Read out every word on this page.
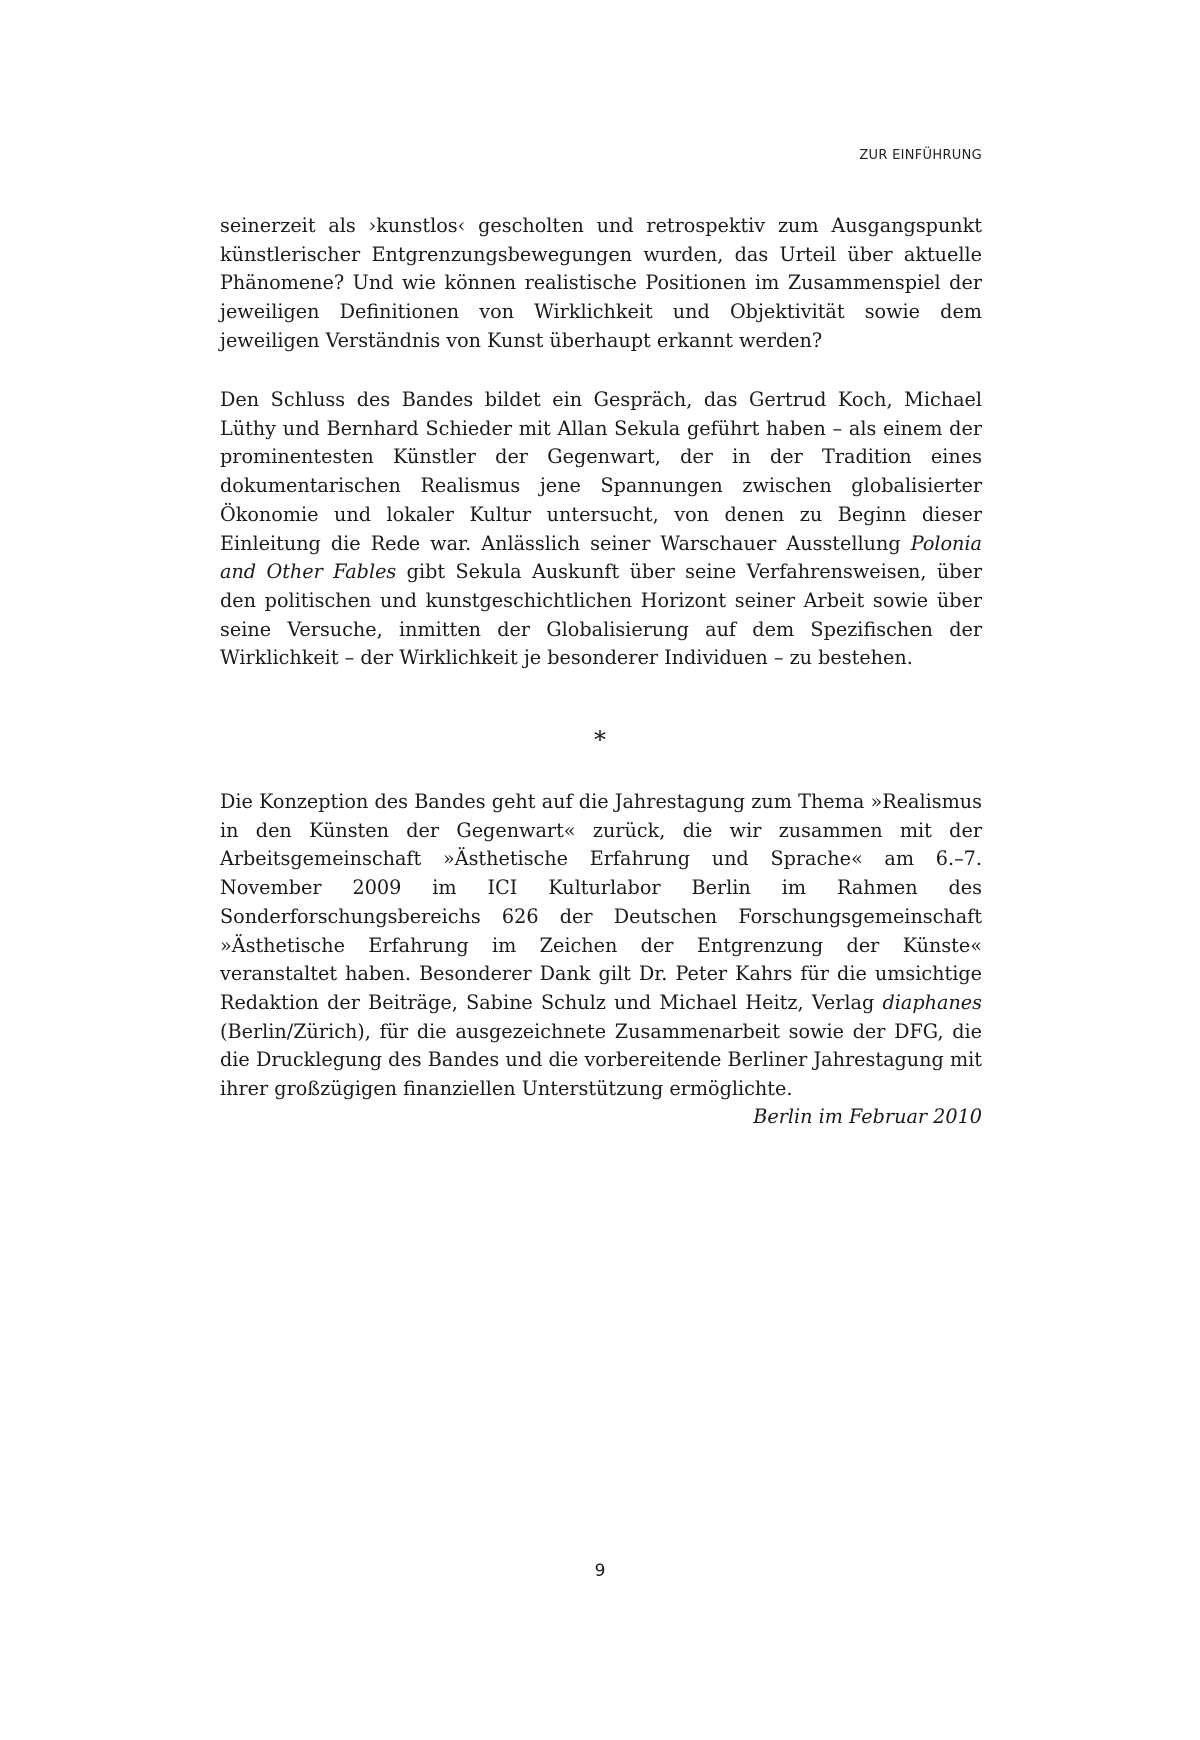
ZUR EINFÜHRUNG

seinerzeit als ›kunstlos‹ gescholten und retrospektiv zum Ausgangspunkt künstlerischer Entgrenzungsbewegungen wurden, das Urteil über aktuelle Phänomene? Und wie können realistische Positionen im Zusammenspiel der jeweiligen Definitionen von Wirklichkeit und Objektivität sowie dem jeweiligen Verständnis von Kunst überhaupt erkannt werden?

Den Schluss des Bandes bildet ein Gespräch, das Gertrud Koch, Michael Lüthy und Bernhard Schieder mit Allan Sekula geführt haben – als einem der prominentesten Künstler der Gegenwart, der in der Tradition eines dokumentarischen Realismus jene Spannungen zwischen globalisierter Ökonomie und lokaler Kultur untersucht, von denen zu Beginn dieser Einleitung die Rede war. Anlässlich seiner Warschauer Ausstellung Polonia and Other Fables gibt Sekula Auskunft über seine Verfahrensweisen, über den politischen und kunstgeschichtlichen Horizont seiner Arbeit sowie über seine Versuche, inmitten der Globalisierung auf dem Spezifischen der Wirklichkeit – der Wirklichkeit je besonderer Individuen – zu bestehen.

*

Die Konzeption des Bandes geht auf die Jahrestagung zum Thema »Realismus in den Künsten der Gegenwart« zurück, die wir zusammen mit der Arbeitsgemeinschaft »Ästhetische Erfahrung und Sprache« am 6.–7. November 2009 im ICI Kulturlabor Berlin im Rahmen des Sonderforschungsbereichs 626 der Deutschen Forschungsgemeinschaft »Ästhetische Erfahrung im Zeichen der Entgrenzung der Künste« veranstaltet haben. Besonderer Dank gilt Dr. Peter Kahrs für die umsichtige Redaktion der Beiträge, Sabine Schulz und Michael Heitz, Verlag diaphanes (Berlin/Zürich), für die ausgezeichnete Zusammenarbeit sowie der DFG, die die Drucklegung des Bandes und die vorbereitende Berliner Jahrestagung mit ihrer großzügigen finanziellen Unterstützung ermöglichte.

Berlin im Februar 2010
9
